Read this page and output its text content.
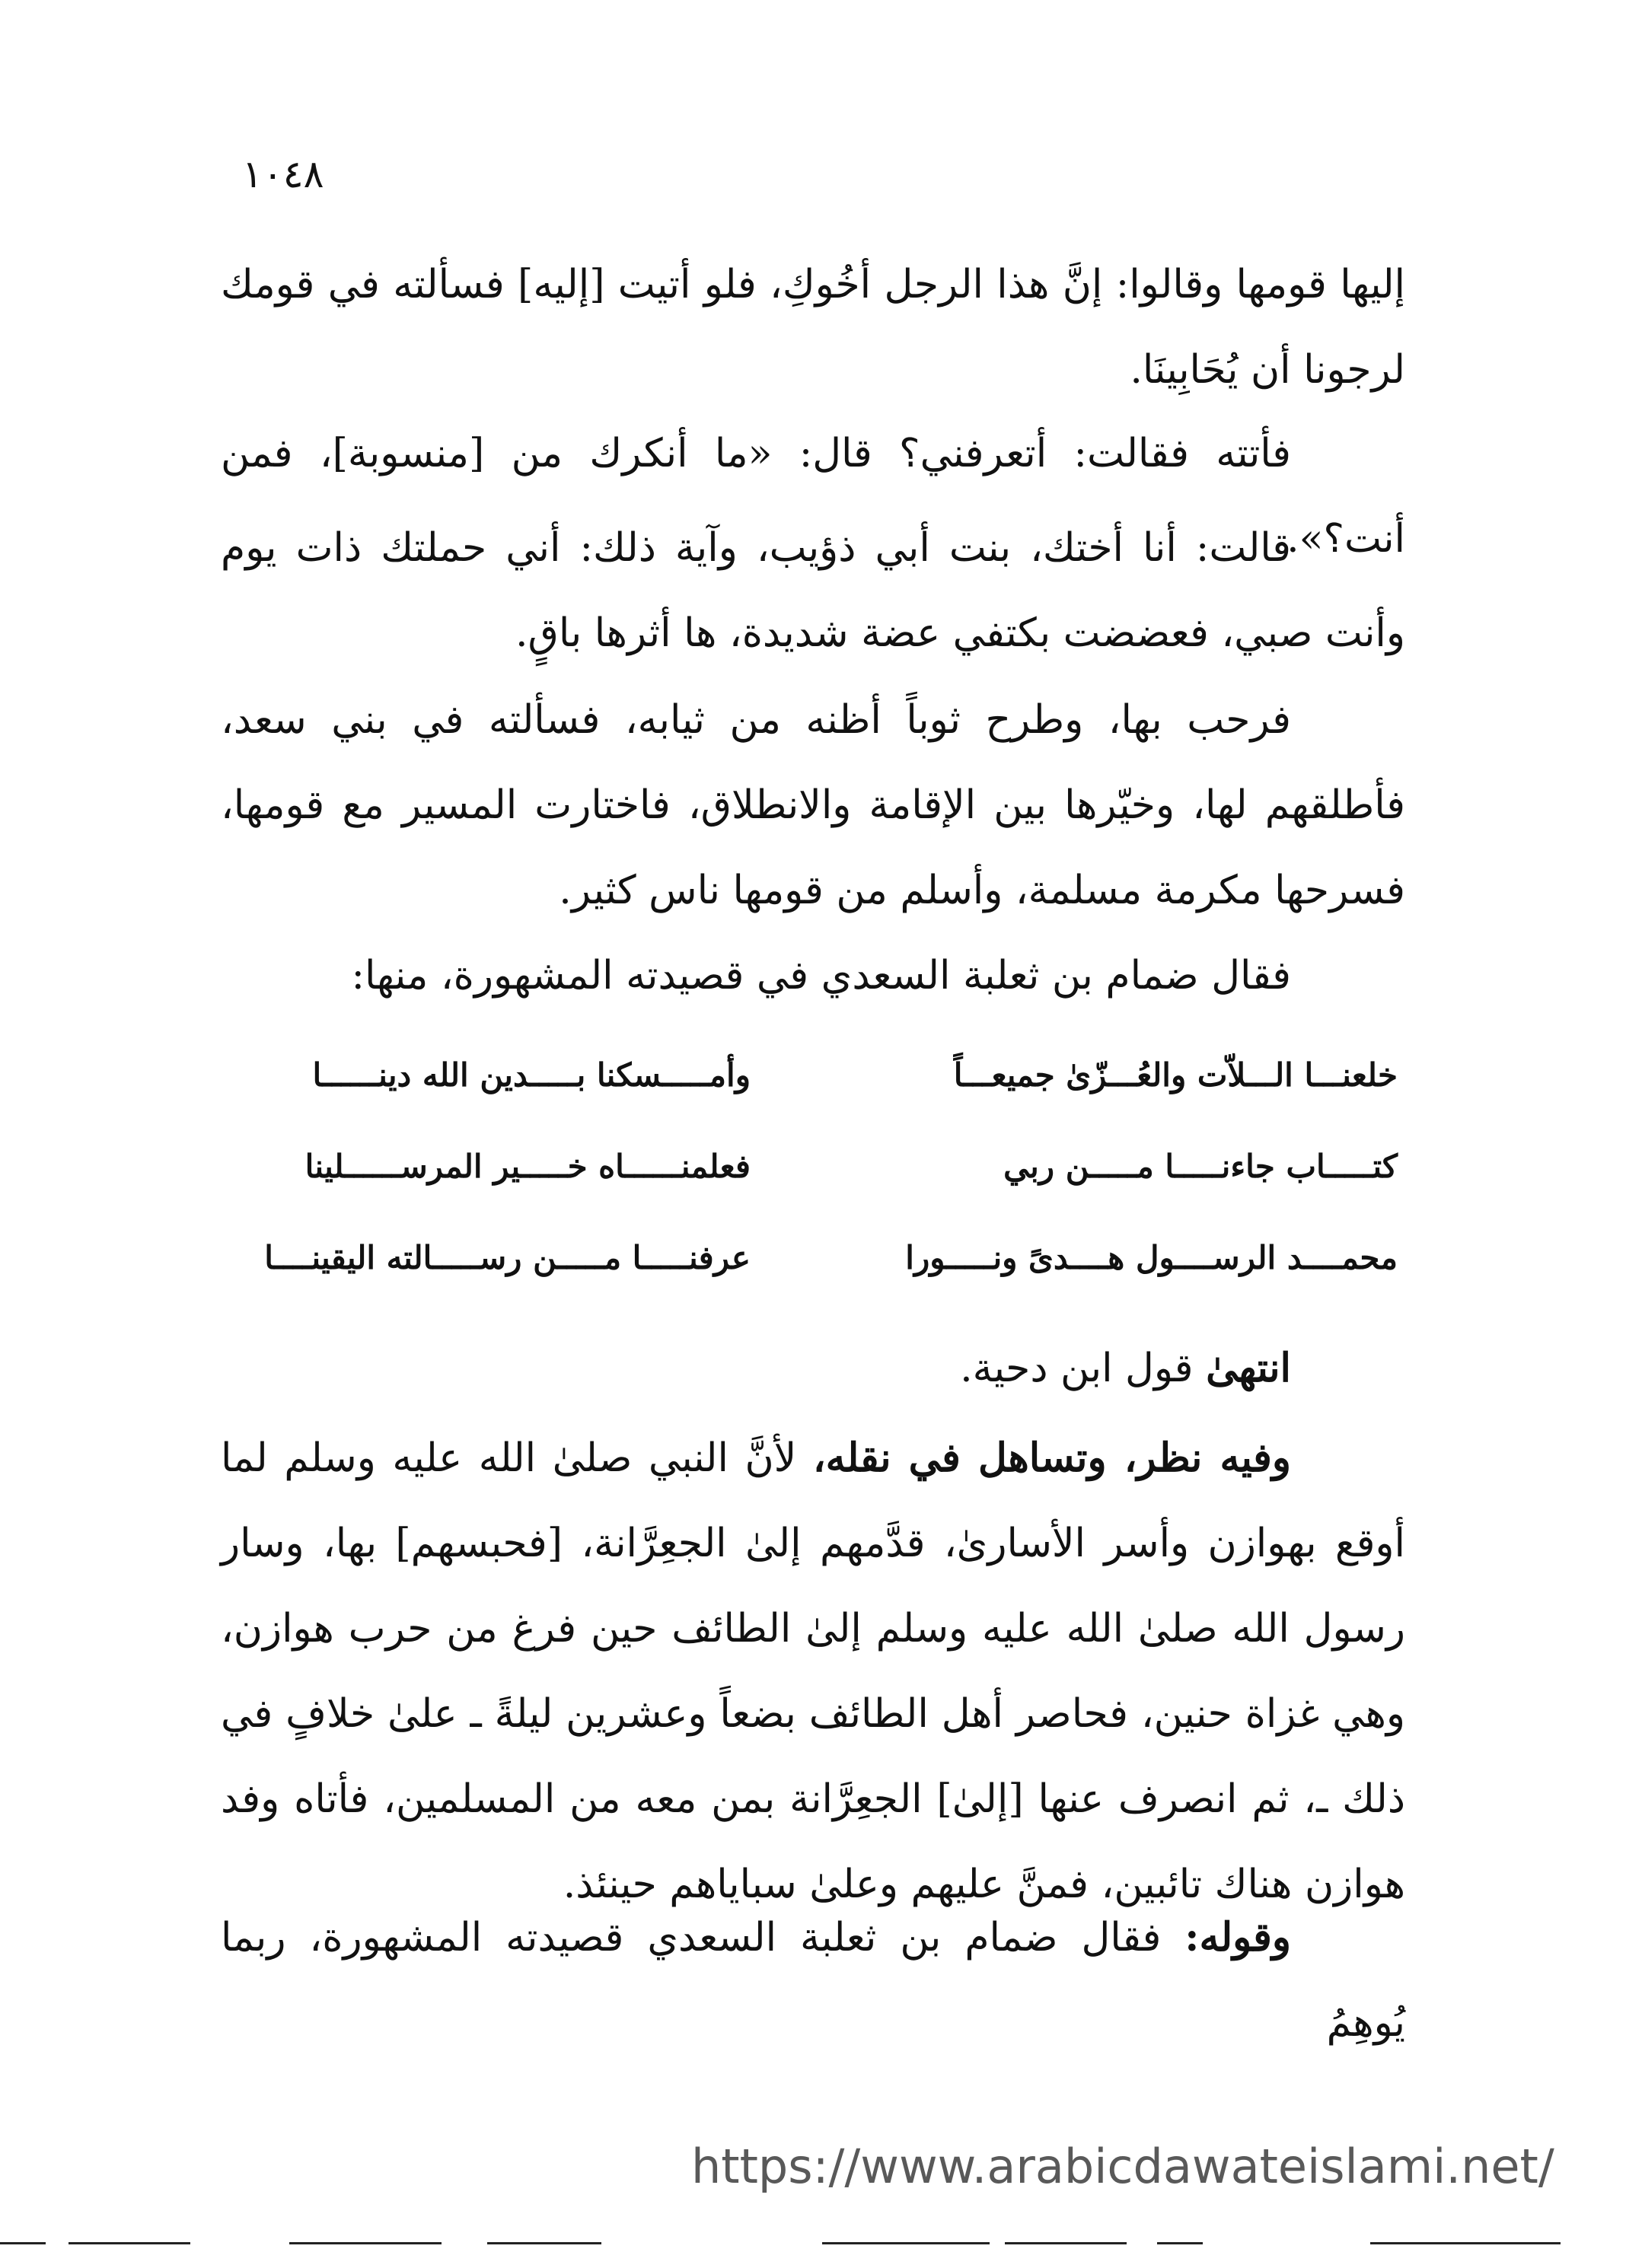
١٠٤٨
إليها قومها وقالوا: إنَّ هذا الرجل أخُوكِ، فلو أتيت [إليه] فسألته في قومك لرجونا أن يُحَابِينَا.
فأتته فقالت: أتعرفني؟ قال: «ما أنكرك من [منسوبة]، فمن أنت؟».
قالت: أنا أختك، بنت أبي ذؤيب، وآية ذلك: أني حملتك ذات يوم وأنت صبي، فعضضت بكتفي عضة شديدة، ها أثرها باقٍ.
فرحب بها، وطرح ثوباً أظنه من ثيابه، فسألته في بني سعد، فأطلقهم لها، وخيّرها بين الإقامة والانطلاق، فاختارت المسير مع قومها، فسرحها مكرمة مسلمة، وأسلم من قومها ناس كثير.
فقال ضمام بن ثعلبة السعدي في قصيدته المشهورة، منها:
خلعنـــا الـــلاّت والعُـــزّىٰ جميعـــاً
وأمـــــسكنا بـــــدين الله دينــــــا
كتـــــاب جاءنـــــا مـــــن ربي
فعلمنــــــاه خـــــير المرســــــلينا
محمــــد الرســــول هــــدىً ونـــــورا
عرفنـــــا مـــــن رســـــالته اليقينــــا
انتهىٰ قول ابن دحية.
وفيه نظر، وتساهل في نقله، لأنَّ النبي صلىٰ الله عليه وسلم لما أوقع بهوازن وأسر الأسارىٰ، قدَّمهم إلىٰ الجعِرَّانة، [فحبسهم] بها، وسار رسول الله صلىٰ الله عليه وسلم إلىٰ الطائف حين فرغ من حرب هوازن، وهي غزاة حنين، فحاصر أهل الطائف بضعاً وعشرين ليلةً ـ علىٰ خلافٍ في ذلك ـ، ثم انصرف عنها [إلىٰ] الجعِرَّانة بمن معه من المسلمين، فأتاه وفد هوازن هناك تائبين، فمنَّ عليهم وعلىٰ سباياهم حينئذ.
وقوله: فقال ضمام بن ثعلبة السعدي قصيدته المشهورة، ربما يُوهِمُ
https://www.arabicdawateislami.net/
